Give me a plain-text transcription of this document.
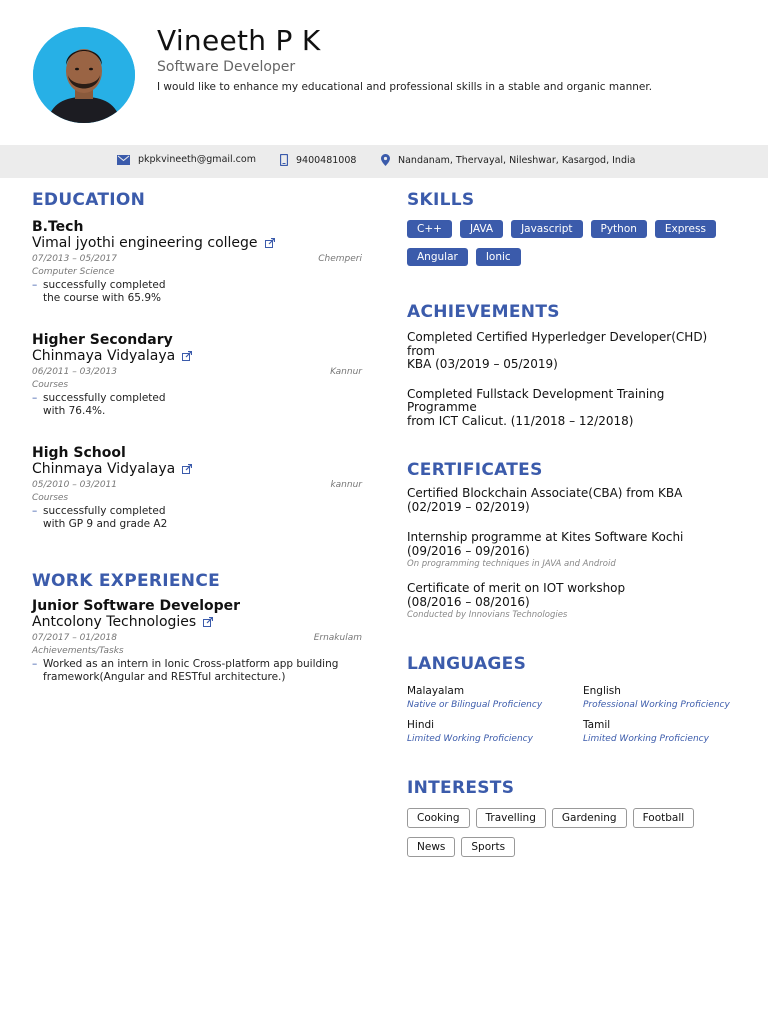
Vineeth P K
Software Developer
I would like to enhance my educational and professional skills in a stable and organic manner.
pkpkvineeth@gmail.com	9400481008	Nandanam, Thervayal, Nileshwar, Kasargod, India
EDUCATION
B.Tech
Vimal jyothi engineering college
07/2013 – 05/2017	Chemperi
Computer Science
– successfully completed
the course with 65.9%
Higher Secondary
Chinmaya Vidyalaya
06/2011 – 03/2013	Kannur
Courses
– successfully completed
with 76.4%.
High School
Chinmaya Vidyalaya
05/2010 – 03/2011	kannur
Courses
– successfully completed
with GP 9 and grade A2
WORK EXPERIENCE
Junior Software Developer
Antcolony Technologies
07/2017 – 01/2018	Ernakulam
Achievements/Tasks
– Worked as an intern in Ionic Cross-platform app building
framework(Angular and RESTful architecture.)
SKILLS
C++	JAVA	Javascript	Python	Express
Angular	Ionic
ACHIEVEMENTS
Completed Certified Hyperledger Developer(CHD) from
KBA (03/2019 – 05/2019)
Completed Fullstack Development Training Programme
from ICT Calicut. (11/2018 – 12/2018)
CERTIFICATES
Certified Blockchain Associate(CBA) from KBA
(02/2019 – 02/2019)
Internship programme at Kites Software Kochi
(09/2016 – 09/2016)
On programming techniques in JAVA and Android
Certificate of merit on IOT workshop
(08/2016 – 08/2016)
Conducted by Innovians Technologies
LANGUAGES
Malayalam
Native or Bilingual Proficiency
English
Professional Working Proficiency
Hindi
Limited Working Proficiency
Tamil
Limited Working Proficiency
INTERESTS
Cooking	Travelling	Gardening	Football
News	Sports
